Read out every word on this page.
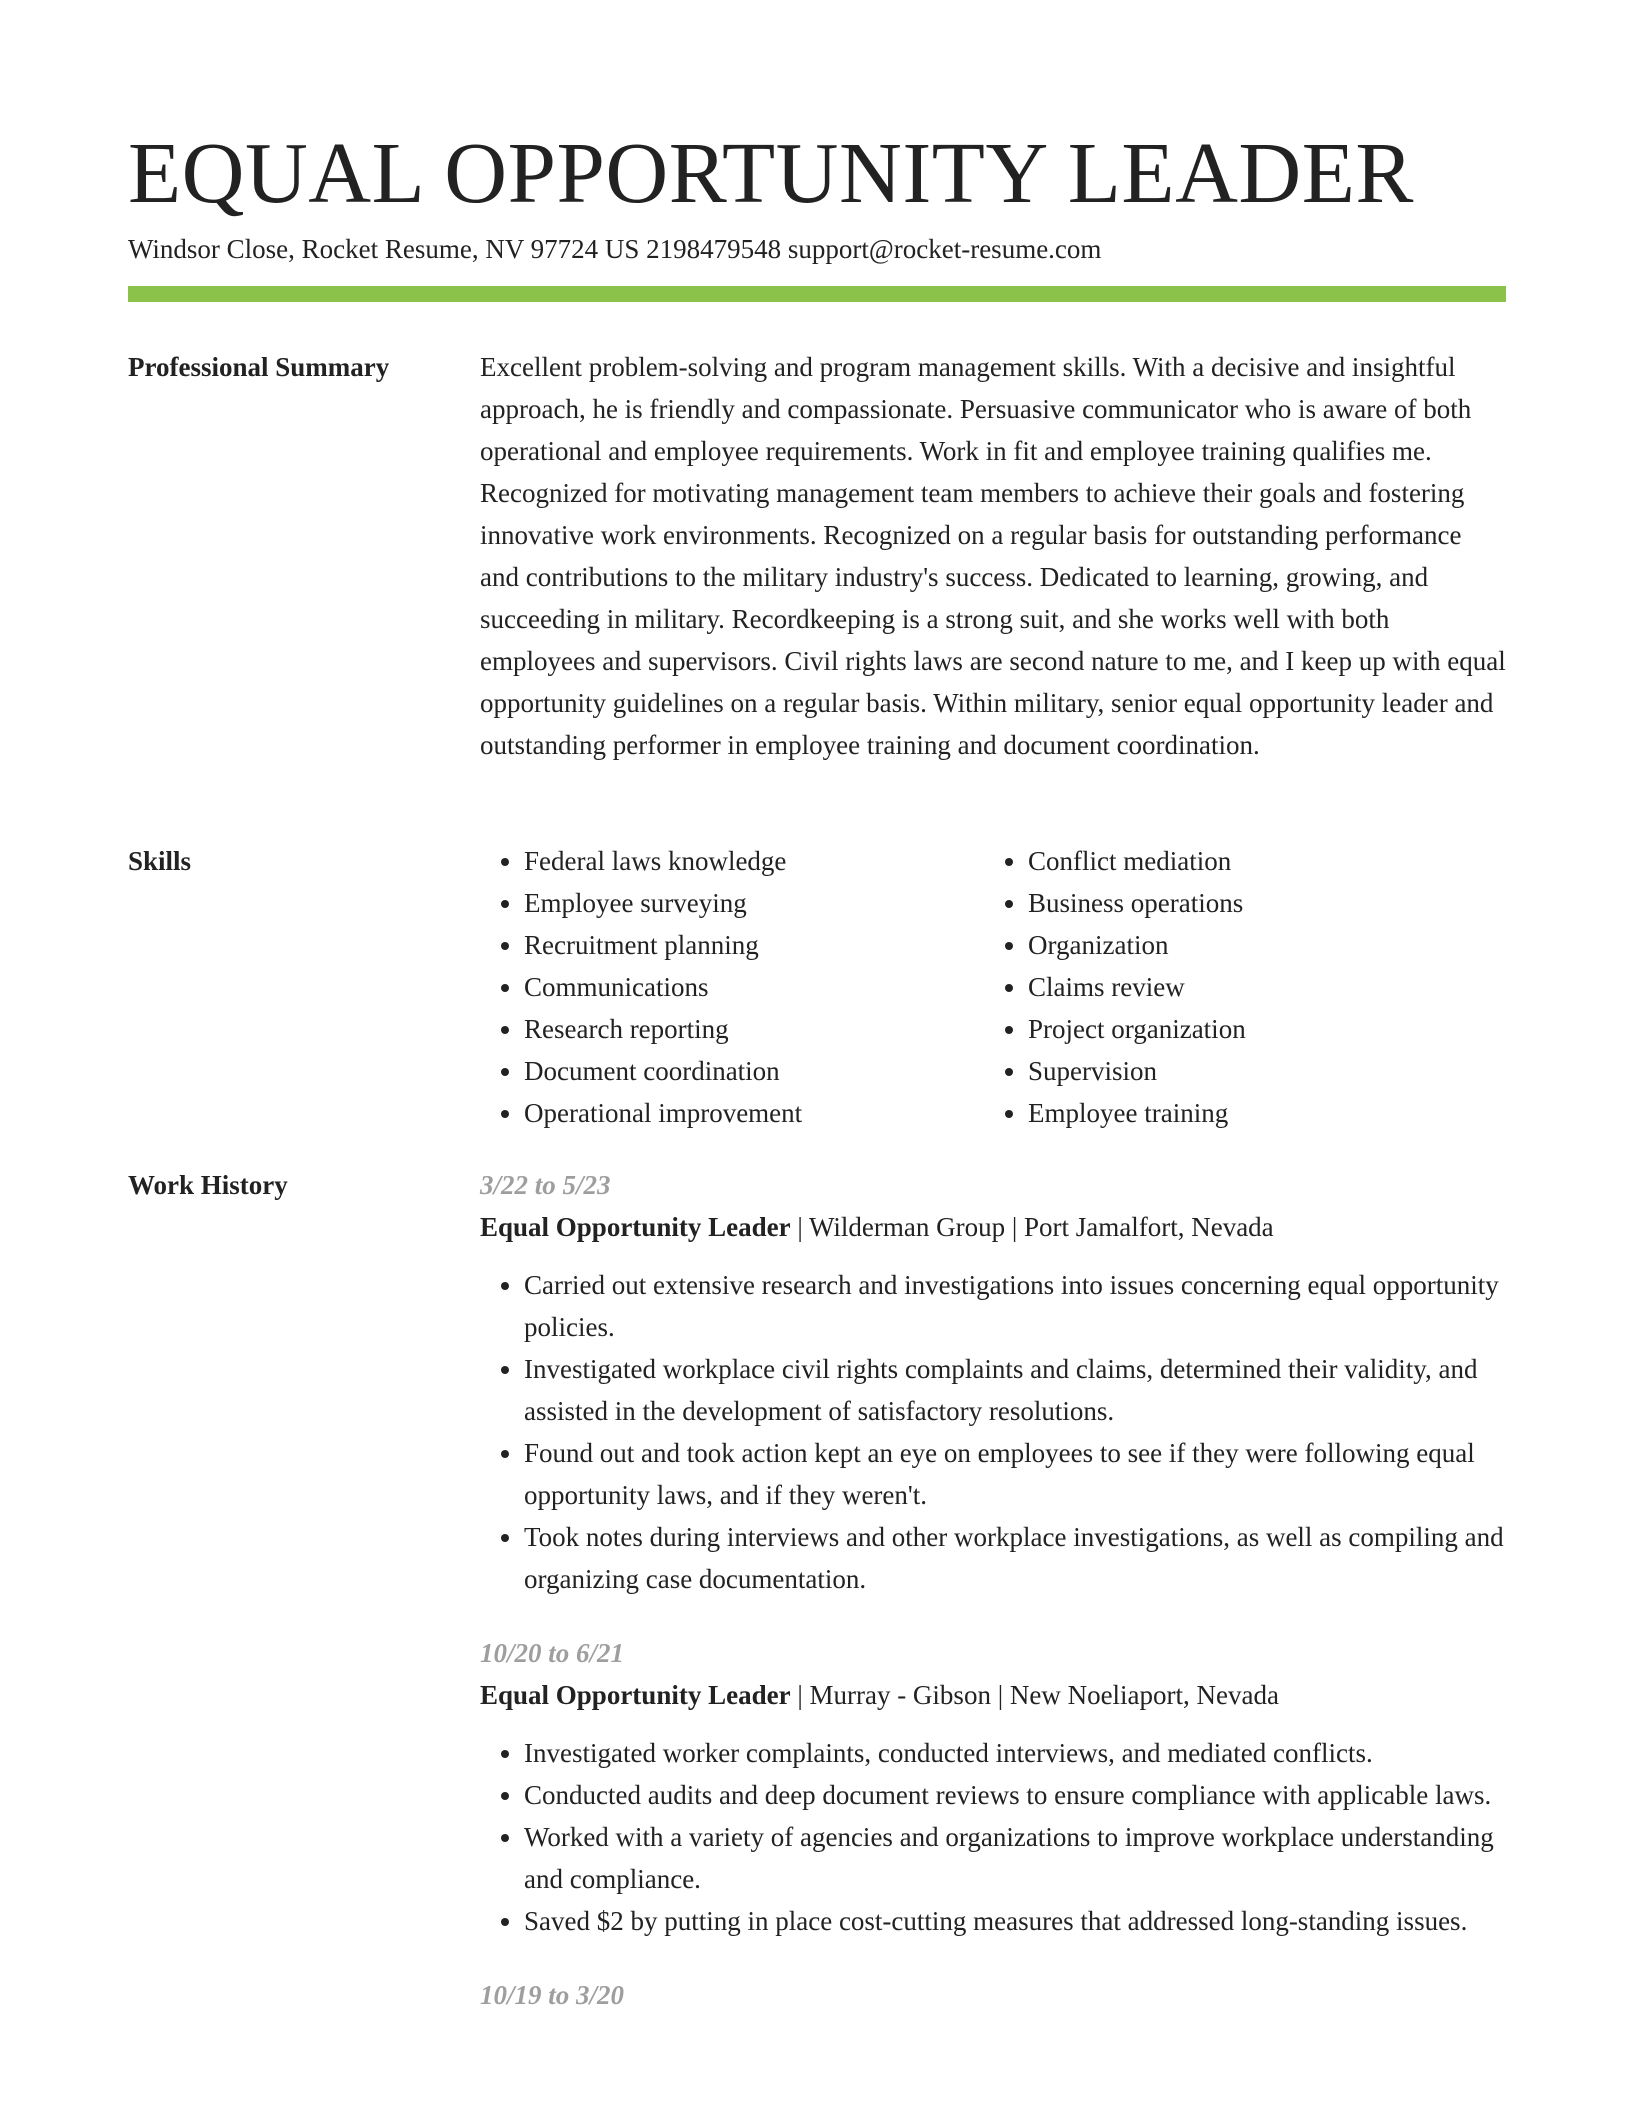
EQUAL OPPORTUNITY LEADER
Windsor Close, Rocket Resume, NV 97724 US 2198479548 support@rocket-resume.com
Professional Summary	Excellent problem-solving and program management skills. With a decisive and insightful approach, he is friendly and compassionate. Persuasive communicator who is aware of both operational and employee requirements. Work in fit and employee training qualifies me. Recognized for motivating management team members to achieve their goals and fostering innovative work environments. Recognized on a regular basis for outstanding performance and contributions to the military industry's success. Dedicated to learning, growing, and succeeding in military. Recordkeeping is a strong suit, and she works well with both employees and supervisors. Civil rights laws are second nature to me, and I keep up with equal opportunity guidelines on a regular basis. Within military, senior equal opportunity leader and outstanding performer in employee training and document coordination.

Skills
•	Federal laws knowledge
• Employee surveying
• Recruitment planning
• Communications
• Research reporting
• Document coordination
• Operational improvement
• Conflict mediation
• Business operations
• Organization
• Claims review
• Project organization
• Supervision
• Employee training
Work History	3/22 to 5/23
Equal Opportunity Leader | Wilderman Group | Port Jamalfort, Nevada
• Carried out extensive research and investigations into issues concerning equal opportunity policies.
• Investigated workplace civil rights complaints and claims, determined their validity, and assisted in the development of satisfactory resolutions.
• Found out and took action kept an eye on employees to see if they were following equal opportunity laws, and if they weren't.
• Took notes during interviews and other workplace investigations, as well as compiling and organizing case documentation.
10/20 to 6/21
Equal Opportunity Leader | Murray - Gibson | New Noeliaport, Nevada
• Investigated worker complaints, conducted interviews, and mediated conflicts.
• Conducted audits and deep document reviews to ensure compliance with applicable laws.
• Worked with a variety of agencies and organizations to improve workplace understanding and compliance.
• Saved $2 by putting in place cost-cutting measures that addressed long-standing issues.
10/19 to 3/20
